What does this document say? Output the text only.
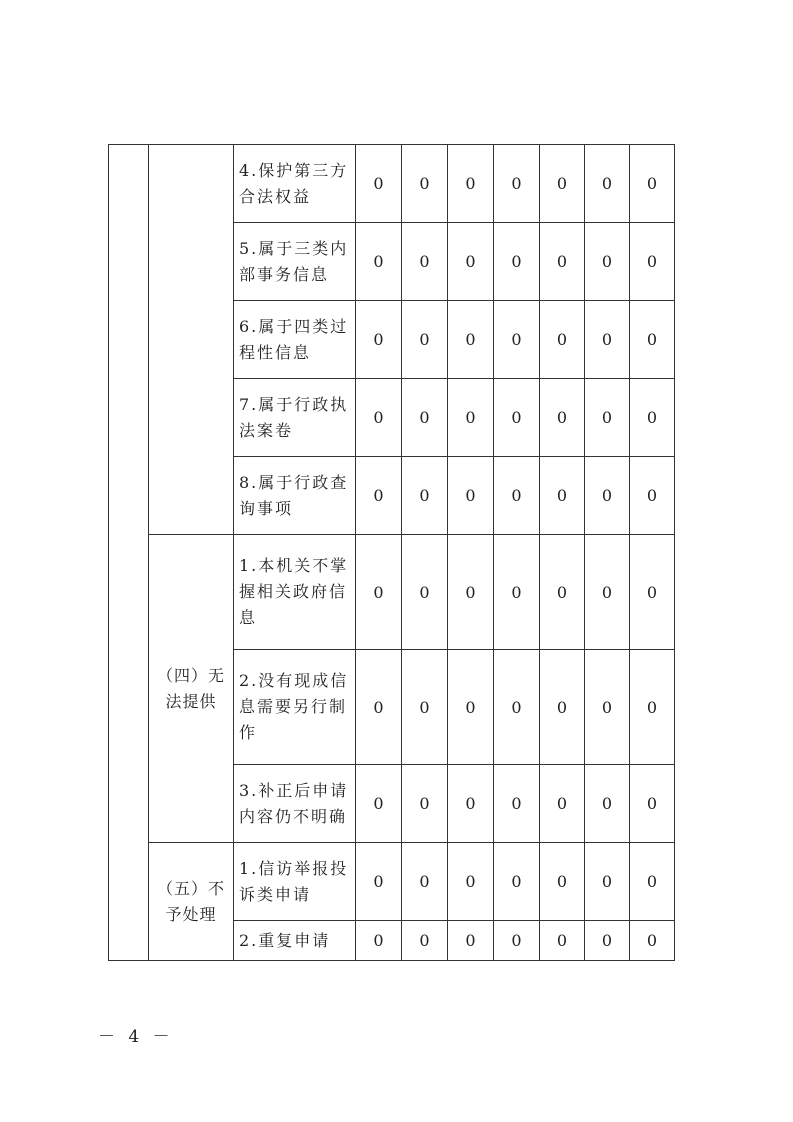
		4.保护第三方合法权益	0	0	0	0	0	0	0
		5.属于三类内部事务信息	0	0	0	0	0	0	0
		6.属于四类过程性信息	0	0	0	0	0	0	0
		7.属于行政执法案卷	0	0	0	0	0	0	0
		8.属于行政查询事项	0	0	0	0	0	0	0
	（四）无法提供	1.本机关不掌握相关政府信息	0	0	0	0	0	0	0
		2.没有现成信息需要另行制作	0	0	0	0	0	0	0
		3.补正后申请内容仍不明确	0	0	0	0	0	0	0
	（五）不予处理	1.信访举报投诉类申请	0	0	0	0	0	0	0
		2.重复申请	0	0	0	0	0	0	0
－ 4 －
